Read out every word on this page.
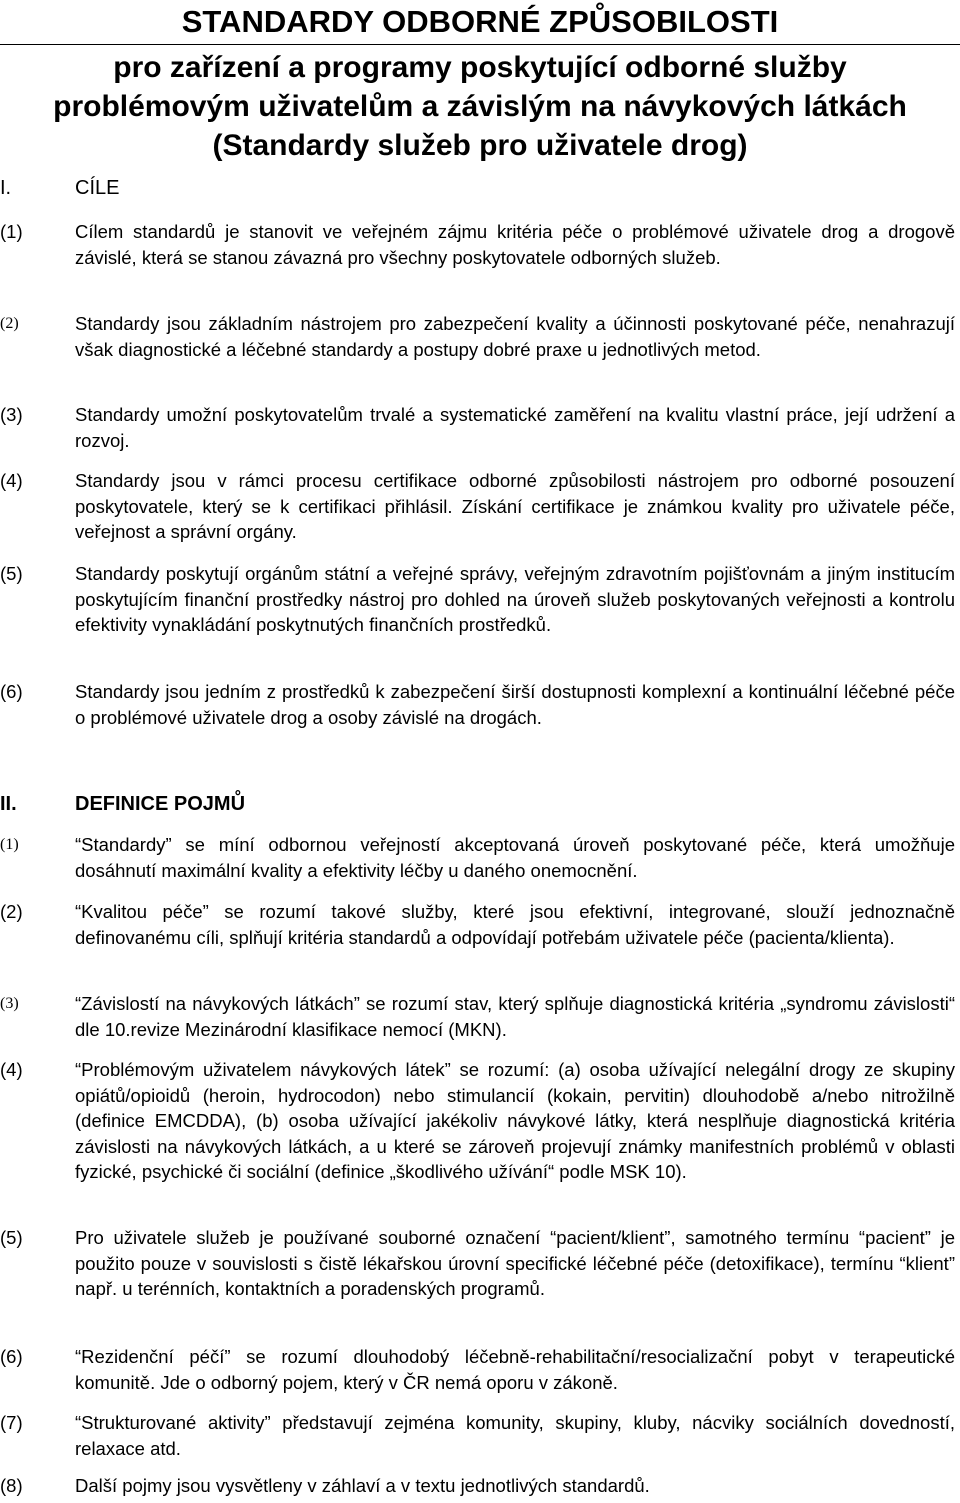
STANDARDY ODBORNÉ ZPŮSOBILOSTI
pro zařízení a programy poskytující odborné služby
problémovým uživatelům a závislým na návykových látkách
(Standardy služeb pro uživatele drog)
I.	CÍLE
(1)	Cílem standardů je stanovit ve veřejném zájmu kritéria péče o problémové uživatele drog a drogově závislé, která se stanou závazná pro všechny poskytovatele odborných služeb.
(2)	Standardy jsou základním nástrojem pro zabezpečení kvality a účinnosti poskytované péče, nenahrazují však diagnostické a léčebné standardy a postupy dobré praxe u jednotlivých metod.
(3)	Standardy umožní poskytovatelům trvalé a systematické zaměření na kvalitu vlastní práce, její udržení a rozvoj.
(4)	Standardy jsou v rámci procesu certifikace odborné způsobilosti nástrojem pro odborné posouzení poskytovatele, který se k certifikaci přihlásil. Získání certifikace je známkou kvality pro uživatele péče, veřejnost a správní orgány.
(5)	Standardy poskytují orgánům státní a veřejné správy, veřejným zdravotním pojišťovnám a jiným institucím poskytujícím finanční prostředky nástroj pro dohled na úroveň služeb poskytovaných veřejnosti a kontrolu efektivity vynakládání poskytnutých finančních prostředků.
(6)	Standardy jsou jedním z prostředků k zabezpečení širší dostupnosti komplexní a kontinuální léčebné péče o problémové uživatele drog a osoby závislé na drogách.
II.	DEFINICE POJMŮ
(1)	“Standardy” se míní odbornou veřejností akceptovaná úroveň poskytované péče, která umožňuje dosáhnutí maximální kvality a efektivity léčby u daného onemocnění.
(2)	“Kvalitou péče” se rozumí takové služby, které jsou efektivní, integrované, slouží jednoznačně definovanému cíli, splňují kritéria standardů a odpovídají potřebám uživatele péče (pacienta/klienta).
(3)	“Závislostí na návykových látkách” se rozumí stav, který splňuje diagnostická kritéria „syndromu závislosti“ dle 10.revize Mezinárodní klasifikace nemocí (MKN).
(4)	“Problémovým uživatelem návykových látek” se rozumí: (a) osoba užívající nelegální drogy ze skupiny opiátů/opioidů (heroin, hydrocodon) nebo stimulancií (kokain, pervitin) dlouhodobě a/nebo nitrožilně (definice EMCDDA), (b) osoba užívající jakékoliv návykové látky, která nesplňuje diagnostická kritéria závislosti na návykových látkách, a u které se zároveň projevují známky manifestních problémů v oblasti fyzické, psychické či sociální (definice „škodlivého užívání“ podle MSK 10).
(5)	Pro uživatele služeb je používané souborné označení “pacient/klient”, samotného termínu “pacient” je použito pouze v souvislosti s čistě lékařskou úrovní specifické léčebné péče (detoxifikace), termínu “klient” např. u terénních, kontaktních a poradenských programů.
(6)	“Rezidenční péčí” se rozumí dlouhodobý léčebně-rehabilitační/resocializační pobyt v terapeutické komunitě. Jde o odborný pojem, který v ČR nemá oporu v zákoně.
(7)	“Strukturované aktivity” představují zejména komunity, skupiny, kluby, nácviky sociálních dovedností, relaxace atd.
(8)	Další pojmy jsou vysvětleny v záhlaví a v textu jednotlivých standardů.
